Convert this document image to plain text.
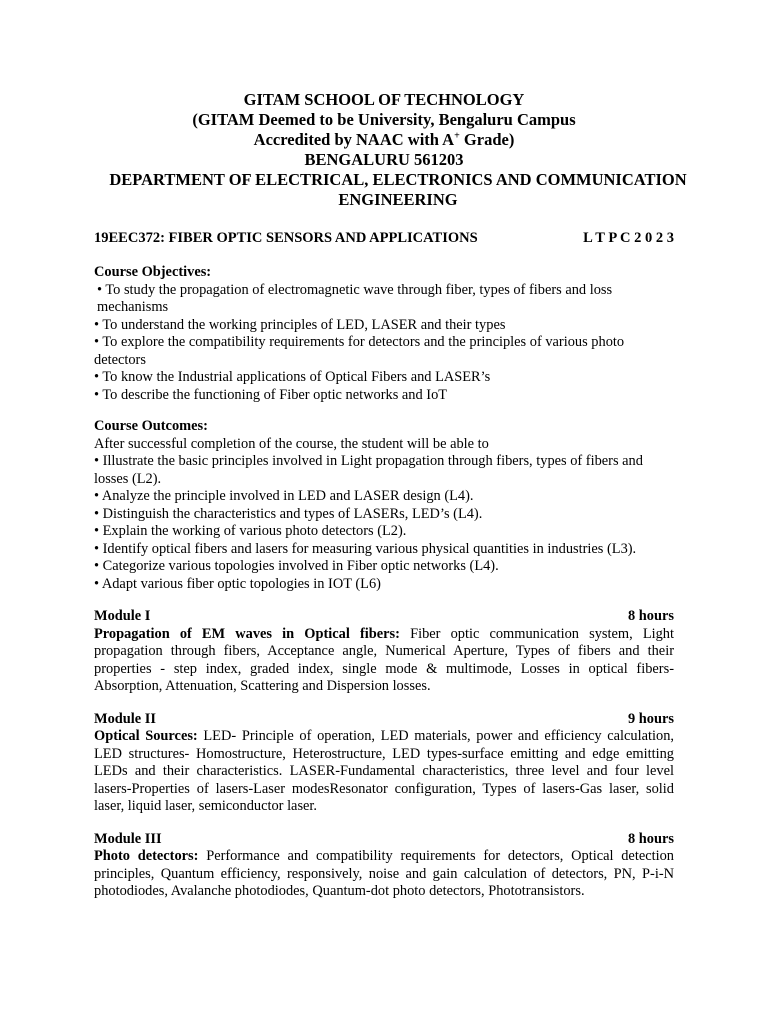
GITAM SCHOOL OF TECHNOLOGY
(GITAM Deemed to be University, Bengaluru Campus
Accredited by NAAC with A+ Grade)
BENGALURU 561203
DEPARTMENT OF ELECTRICAL, ELECTRONICS AND COMMUNICATION ENGINEERING
19EEC372: FIBER OPTIC SENSORS AND APPLICATIONS	L T P C 2 0 2 3
Course Objectives:

• To study the propagation of electromagnetic wave through fiber, types of fibers and loss mechanisms

• To understand the working principles of LED, LASER and their types

• To explore the compatibility requirements for detectors and the principles of various photo detectors

• To know the Industrial applications of Optical Fibers and LASER’s

• To describe the functioning of Fiber optic networks and IoT

Course Outcomes:

After successful completion of the course, the student will be able to

• Illustrate the basic principles involved in Light propagation through fibers, types of fibers and losses (L2).

• Analyze the principle involved in LED and LASER design (L4).

• Distinguish the characteristics and types of LASERs, LED’s (L4).

• Explain the working of various photo detectors (L2).

• Identify optical fibers and lasers for measuring various physical quantities in industries (L3).

• Categorize various topologies involved in Fiber optic networks (L4).

• Adapt various fiber optic topologies in IOT (L6)

Module I	8 hours
Propagation of EM waves in Optical fibers: Fiber optic communication system, Light propagation through fibers, Acceptance angle, Numerical Aperture, Types of fibers and their properties - step index, graded index, single mode & multimode, Losses in optical fibers- Absorption, Attenuation, Scattering and Dispersion losses.
Module II	9 hours
Optical Sources: LED- Principle of operation, LED materials, power and efficiency calculation, LED structures- Homostructure, Heterostructure, LED types-surface emitting and edge emitting LEDs and their characteristics. LASER-Fundamental characteristics, three level and four level lasers-Properties of lasers-Laser modesResonator configuration, Types of lasers-Gas laser, solid laser, liquid laser, semiconductor laser.
Module III	8 hours
Photo detectors: Performance and compatibility requirements for detectors, Optical detection principles, Quantum efficiency, responsively, noise and gain calculation of detectors, PN, P-i-N photodiodes, Avalanche photodiodes, Quantum-dot photo detectors, Phototransistors.
